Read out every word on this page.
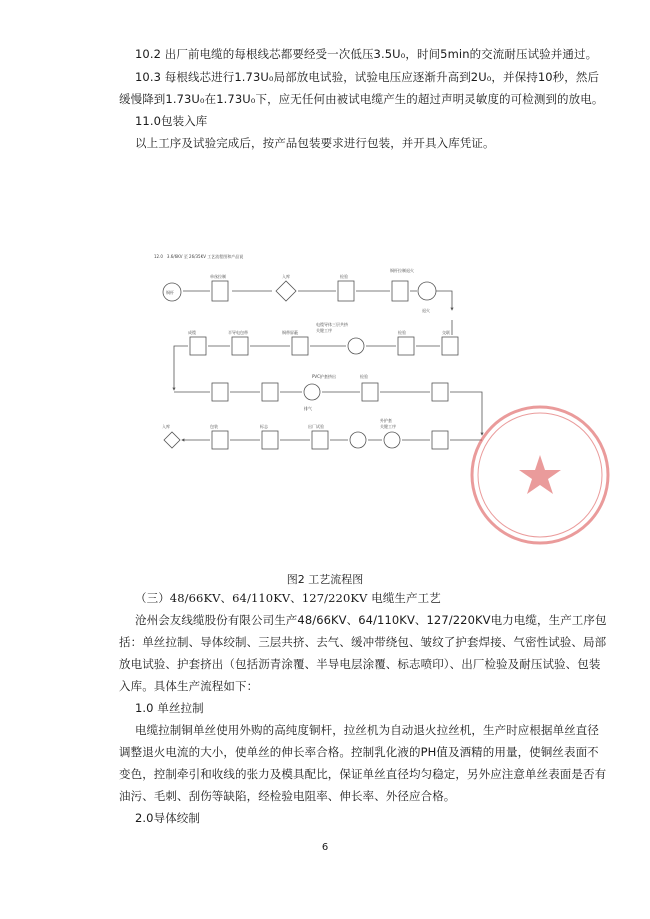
10.2 出厂前电缆的每根线芯都要经受一次低压3.5U₀，时间5min的交流耐压试验并通过。
10.3 每根线芯进行1.73U₀局部放电试验，试验电压应逐渐升高到2U₀，并保持10秒，然后
缓慢降到1.73U₀在1.73U₀下，应无任何由被试电缆产生的超过声明灵敏度的可检测到的放电。
11.0包装入库
以上工序及试验完成后，按产品包装要求进行包装，并开具入库凭证。
12.0　3.6/6KV 至 26/35KV 工艺流程图和产品说
铜杆
单丝拉制	入库	检验
铜杆拉制退火
退火
成缆	半导电包带
电缆导体三层共挤
关键工序
铜带屏蔽	检验	交联
PVC护套挤出	检验
排气
入库	包装	标志	出厂试验
外护套
关键工序
图2 工艺流程图
（三）48/66KV、64/110KV、127/220KV 电缆生产工艺
沧州会友线缆股份有限公司生产48/66KV、64/110KV、127/220KV电力电缆，生产工序包
括：单丝拉制、导体绞制、三层共挤、去气、缓冲带绕包、皱纹了护套焊接、气密性试验、局部
放电试验、护套挤出（包括沥青涂覆、半导电层涂覆、标志喷印）、出厂检验及耐压试验、包装
入库。具体生产流程如下：
1.0 单丝拉制
电缆拉制铜单丝使用外购的高纯度铜杆，拉丝机为自动退火拉丝机，生产时应根据单丝直径
调整退火电流的大小，使单丝的伸长率合格。控制乳化液的PH值及酒精的用量，使铜丝表面不
变色，控制牵引和收线的张力及模具配比，保证单丝直径均匀稳定，另外应注意单丝表面是否有
油污、毛刺、刮伤等缺陷，经检验电阻率、伸长率、外径应合格。
2.0导体绞制
6
